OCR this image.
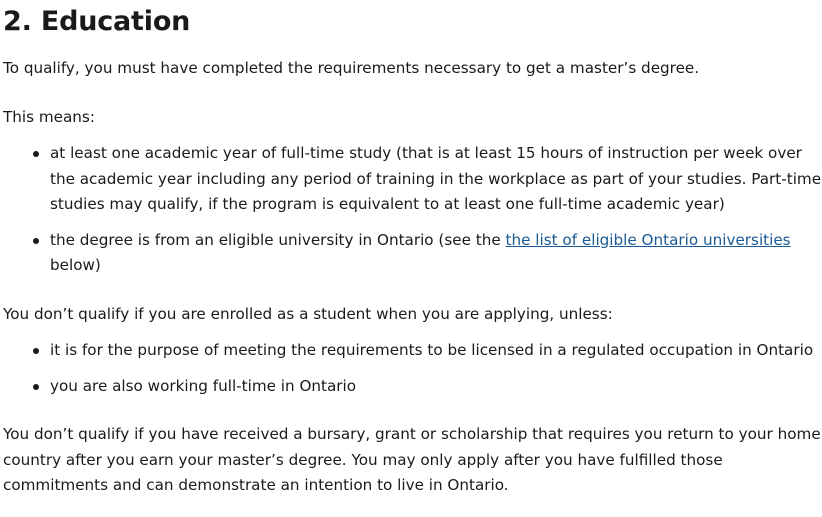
2. Education

To qualify, you must have completed the requirements necessary to get a master’s degree.

This means:

at least one academic year of full-time study (that is at least 15 hours of instruction per week over the academic year including any period of training in the workplace as part of your studies. Part-time studies may qualify, if the program is equivalent to at least one full-time academic year)
the degree is from an eligible university in Ontario (see the the list of eligible Ontario universities below)

You don’t qualify if you are enrolled as a student when you are applying, unless:

it is for the purpose of meeting the requirements to be licensed in a regulated occupation in Ontario
you are also working full-time in Ontario

You don’t qualify if you have received a bursary, grant or scholarship that requires you return to your home country after you earn your master’s degree. You may only apply after you have fulfilled those commitments and can demonstrate an intention to live in Ontario.
